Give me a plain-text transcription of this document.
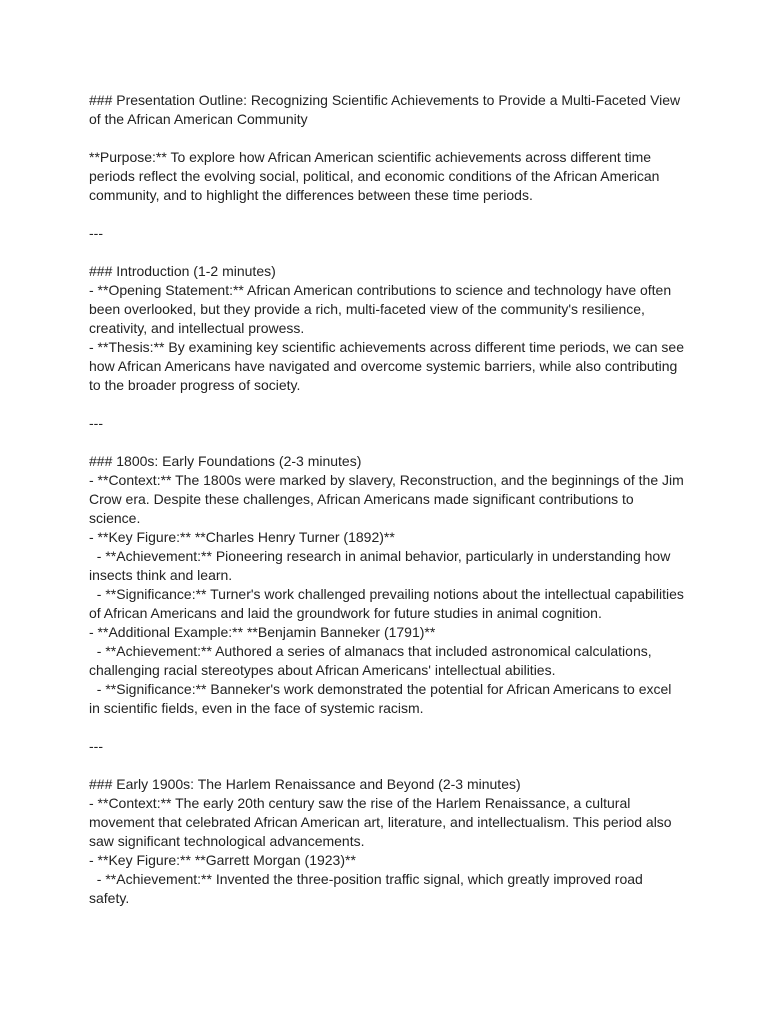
### Presentation Outline: Recognizing Scientific Achievements to Provide a Multi-Faceted View

of the African American Community

**Purpose:** To explore how African American scientific achievements across different time

periods reflect the evolving social, political, and economic conditions of the African American

community, and to highlight the differences between these time periods.

---

### Introduction (1-2 minutes)

- **Opening Statement:** African American contributions to science and technology have often

been overlooked, but they provide a rich, multi-faceted view of the community's resilience,

creativity, and intellectual prowess.

- **Thesis:** By examining key scientific achievements across different time periods, we can see

how African Americans have navigated and overcome systemic barriers, while also contributing

to the broader progress of society.

---

### 1800s: Early Foundations (2-3 minutes)

- **Context:** The 1800s were marked by slavery, Reconstruction, and the beginnings of the Jim

Crow era. Despite these challenges, African Americans made significant contributions to

science.

- **Key Figure:** **Charles Henry Turner (1892)**

- **Achievement:** Pioneering research in animal behavior, particularly in understanding how

insects think and learn.

- **Significance:** Turner's work challenged prevailing notions about the intellectual capabilities

of African Americans and laid the groundwork for future studies in animal cognition.

- **Additional Example:** **Benjamin Banneker (1791)**

- **Achievement:** Authored a series of almanacs that included astronomical calculations,

challenging racial stereotypes about African Americans' intellectual abilities.

- **Significance:** Banneker's work demonstrated the potential for African Americans to excel

in scientific fields, even in the face of systemic racism.

---

### Early 1900s: The Harlem Renaissance and Beyond (2-3 minutes)

- **Context:** The early 20th century saw the rise of the Harlem Renaissance, a cultural

movement that celebrated African American art, literature, and intellectualism. This period also

saw significant technological advancements.

- **Key Figure:** **Garrett Morgan (1923)**

- **Achievement:** Invented the three-position traffic signal, which greatly improved road

safety.
